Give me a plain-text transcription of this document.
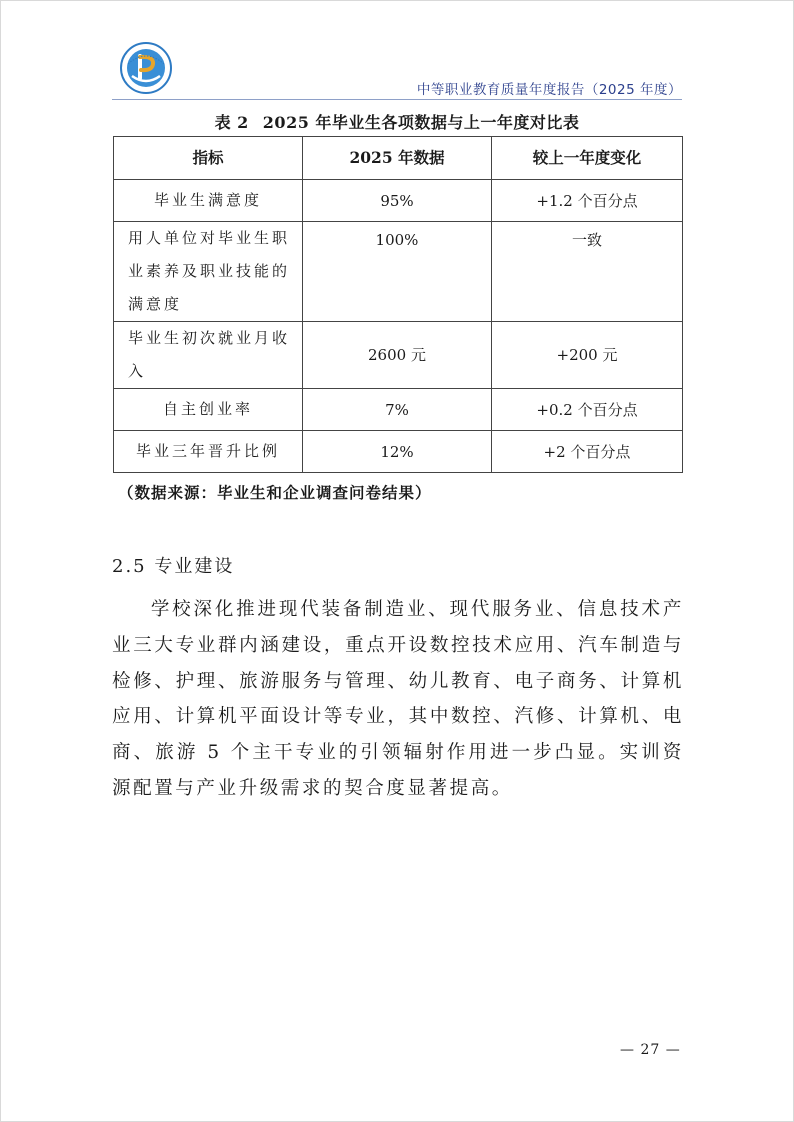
中等职业教育质量年度报告（2025 年度）
表 2 2025 年毕业生各项数据与上一年度对比表
指标	2025 年数据	较上一年度变化
毕业生满意度	95%	+1.2 个百分点
用人单位对毕业生职业素养及职业技能的满意度	100%	一致
毕业生初次就业月收入	2600 元	+200 元
自主创业率	7%	+0.2 个百分点
毕业三年晋升比例	12%	+2 个百分点
（数据来源：毕业生和企业调查问卷结果）
2.5 专业建设

学校深化推进现代装备制造业、现代服务业、信息技术产业三大专业群内涵建设，重点开设数控技术应用、汽车制造与检修、护理、旅游服务与管理、幼儿教育、电子商务、计算机应用、计算机平面设计等专业，其中数控、汽修、计算机、电商、旅游 5 个主干专业的引领辐射作用进一步凸显。实训资源配置与产业升级需求的契合度显著提高。

— 27 —
